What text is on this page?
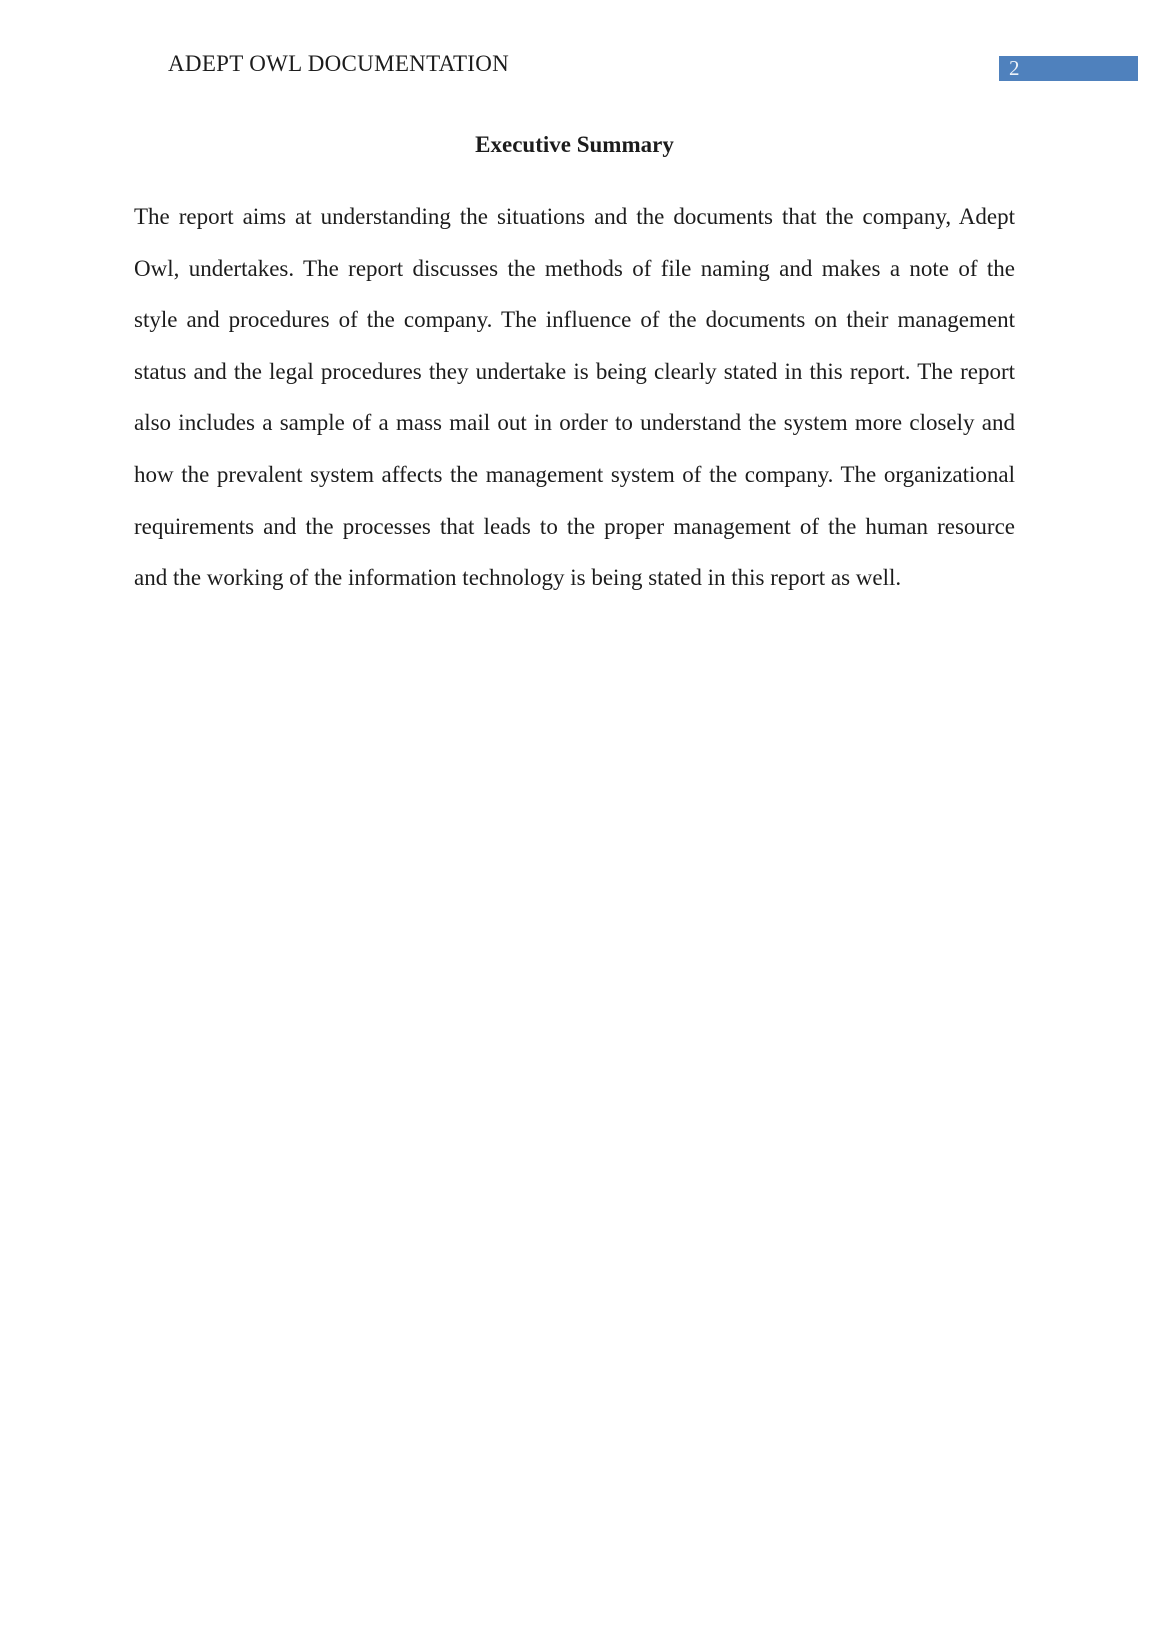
ADEPT OWL DOCUMENTATION	2
Executive Summary
The report aims at understanding the situations and the documents that the company, Adept
Owl, undertakes. The report discusses the methods of file naming and makes a note of the
style and procedures of the company. The influence of the documents on their management
status and the legal procedures they undertake is being clearly stated in this report. The report
also includes a sample of a mass mail out in order to understand the system more closely and
how the prevalent system affects the management system of the company. The organizational
requirements and the processes that leads to the proper management of the human resource
and the working of the information technology is being stated in this report as well.
